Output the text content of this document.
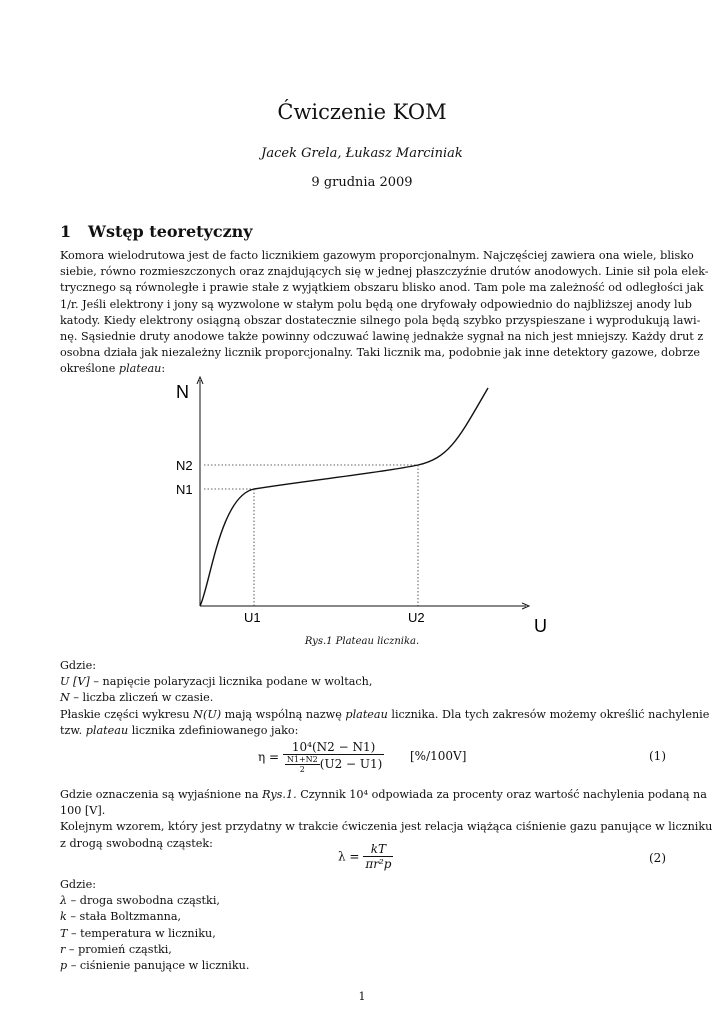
Ćwiczenie KOM
Jacek Grela, Łukasz Marciniak
9 grudnia 2009
1 Wstęp teoretyczny
Komora wielodrutowa jest de facto licznikiem gazowym proporcjonalnym. Najczęściej zawiera ona wiele, blisko
siebie, równo rozmieszczonych oraz znajdujących się w jednej płaszczyźnie drutów anodowych. Linie sił pola elek-
trycznego są równoległe i prawie stałe z wyjątkiem obszaru blisko anod. Tam pole ma zależność od odległości jak
1/r. Jeśli elektrony i jony są wyzwolone w stałym polu będą one dryfowały odpowiednio do najbliższej anody lub
katody. Kiedy elektrony osiągną obszar dostatecznie silnego pola będą szybko przyspieszane i wyprodukują lawi-
nę. Sąsiednie druty anodowe także powinny odczuwać lawinę jednakże sygnał na nich jest mniejszy. Każdy drut z
osobna działa jak niezależny licznik proporcjonalny. Taki licznik ma, podobnie jak inne detektory gazowe, dobrze
określone plateau:
N
N2
N1
U1	U2	U
Rys.1 Plateau licznika.
Gdzie:
U [V] – napięcie polaryzacji licznika podane w woltach,
N – liczba zliczeń w czasie.
Płaskie części wykresu N(U) mają wspólną nazwę plateau licznika. Dla tych zakresów możemy określić nachylenie
tzw. plateau licznika zdefiniowanego jako:
$\eta = \frac{\text{10⁴(N2 − N1)}}{\frac{N1+N2}{2} (U2 - U1)} [\%/100V]$	(1)
Gdzie oznaczenia są wyjaśnione na Rys.1. Czynnik 10⁴ odpowiada za procenty oraz wartość nachylenia podaną na
100 [V].
Kolejnym wzorem, który jest przydatny w trakcie ćwiczenia jest relacja wiążąca ciśnienie gazu panujące w liczniku
z drogą swobodną cząstek:
$\lambda = \frac{kT}{\text{πr²p}}$	(2)
Gdzie:
λ – droga swobodna cząstki,
k – stała Boltzmanna,
T – temperatura w liczniku,
r – promień cząstki,
p – ciśnienie panujące w liczniku.
1
